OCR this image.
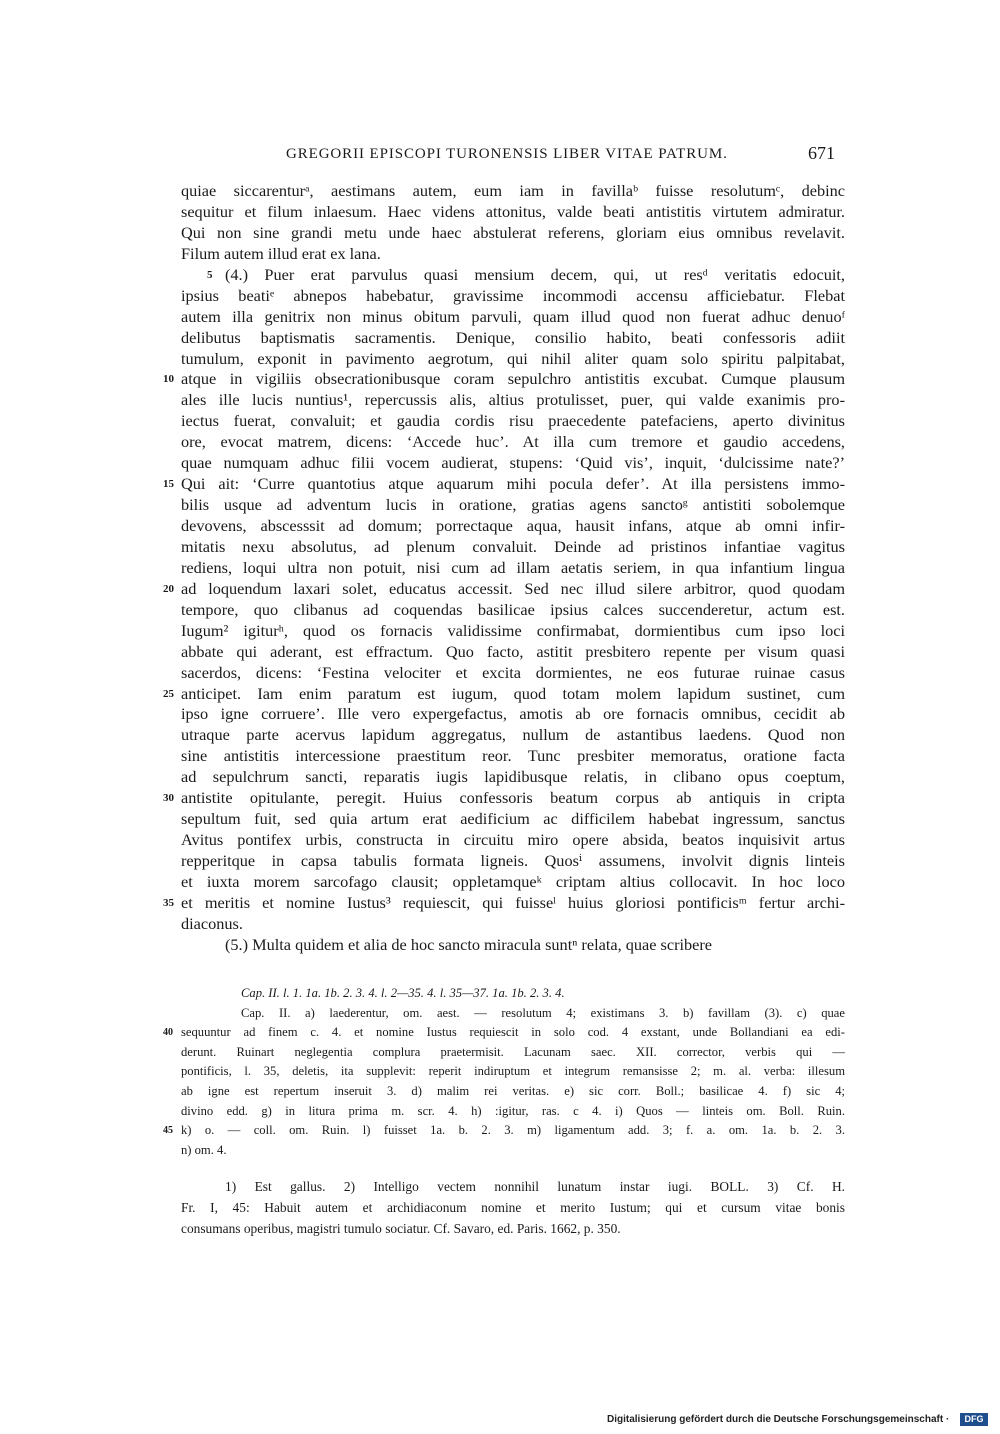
GREGORII EPISCOPI TURONENSIS LIBER VITAE PATRUM.	671
quiae siccarenturᵃ, aestimans autem, eum iam in favillaᵇ fuisse resolutumᶜ, debinc
sequitur et filum inlaesum. Haec videns attonitus, valde beati antistitis virtutem admiratur.
Qui non sine grandi metu unde haec abstulerat referens, gloriam eius omnibus revelavit.
Filum autem illud erat ex lana.
5 (4.) Puer erat parvulus quasi mensium decem, qui, ut resᵈ veritatis edocuit,
ipsius beatiᵉ abnepos habebatur, gravissime incommodi accensu afficiebatur. Flebat
autem illa genitrix non minus obitum parvuli, quam illud quod non fuerat adhuc denuoᶠ
delibutus baptismatis sacramentis. Denique, consilio habito, beati confessoris adiit
tumulum, exponit in pavimento aegrotum, qui nihil aliter quam solo spiritu palpitabat,
10 atque in vigiliis obsecrationibusque coram sepulchro antistitis excubat. Cumque plausum
ales ille lucis nuntius¹, repercussis alis, altius protulisset, puer, qui valde exanimis pro-
iectus fuerat, convaluit; et gaudia cordis risu praecedente patefaciens, aperto divinitus
ore, evocat matrem, dicens: ‘Accede huc’. At illa cum tremore et gaudio accedens,
quae numquam adhuc filii vocem audierat, stupens: ‘Quid vis’, inquit, ‘dulcissime nate?’
15 Qui ait: ‘Curre quantotius atque aquarum mihi pocula defer’. At illa persistens immo-
bilis usque ad adventum lucis in oratione, gratias agens sanctoᵍ antistiti sobolemque
devovens, abscesssit ad domum; porrectaque aqua, hausit infans, atque ab omni infir-
mitatis nexu absolutus, ad plenum convaluit. Deinde ad pristinos infantiae vagitus
rediens, loqui ultra non potuit, nisi cum ad illam aetatis seriem, in qua infantium lingua
20 ad loquendum laxari solet, educatus accessit. Sed nec illud silere arbitror, quod quodam
tempore, quo clibanus ad coquendas basilicae ipsius calces succenderetur, actum est.
Iugum² igiturʰ, quod os fornacis validissime confirmabat, dormientibus cum ipso loci
abbate qui aderant, est effractum. Quo facto, astitit presbitero repente per visum quasi
sacerdos, dicens: ‘Festina velociter et excita dormientes, ne eos futurae ruinae casus
25 anticipet. Iam enim paratum est iugum, quod totam molem lapidum sustinet, cum
ipso igne corruere’. Ille vero expergefactus, amotis ab ore fornacis omnibus, cecidit ab
utraque parte acervus lapidum aggregatus, nullum de astantibus laedens. Quod non
sine antistitis intercessione praestitum reor. Tunc presbiter memoratus, oratione facta
ad sepulchrum sancti, reparatis iugis lapidibusque relatis, in clibano opus coeptum,
30 antistite opitulante, peregit. Huius confessoris beatum corpus ab antiquis in cripta
sepultum fuit, sed quia artum erat aedificium ac difficilem habebat ingressum, sanctus
Avitus pontifex urbis, constructa in circuitu miro opere absida, beatos inquisivit artus
repperitque in capsa tabulis formata ligneis. Quosⁱ assumens, involvit dignis linteis
et iuxta morem sarcofago clausit; oppletamqueᵏ criptam altius collocavit. In hoc loco
35 et meritis et nomine Iustus³ requiescit, qui fuisseˡ huius gloriosi pontificisᵐ fertur archi-
diaconus.
(5.) Multa quidem et alia de hoc sancto miracula suntⁿ relata, quae scribere
Cap. II. l. 1. 1a. 1b. 2. 3. 4. l. 2—35. 4. l. 35—37. 1a. 1b. 2. 3. 4.
Cap. II. a) laederentur, om. aest. — resolutum 4; existimans 3. b) favillam (3). c) quae
40 sequuntur ad finem c. 4. et nomine Iustus requiescit in solo cod. 4 exstant, unde Bollandiani ea edi-
derunt. Ruinart neglegentia complura praetermisit. Lacunam saec. XII. corrector, verbis qui —
pontificis, l. 35, deletis, ita supplevit: reperit indiruptum et integrum remansisse 2; m. al. verba: illesum
ab igne est repertum inseruit 3. d) malim rei veritas. e) sic corr. Boll.; basilicae 4. f) sic 4;
divino edd. g) in litura prima m. scr. 4. h) :igitur, ras. c 4. i) Quos — linteis om. Boll. Ruin.
45 k) o. — coll. om. Ruin. l) fuisset 1a. b. 2. 3. m) ligamentum add. 3; f. a. om. 1a. b. 2. 3.
n) om. 4.
1) Est gallus. 2) Intelligo vectem nonnihil lunatum instar iugi. BOLL. 3) Cf. H.
Fr. I, 45: Habuit autem et archidiaconum nomine et merito Iustum; qui et cursum vitae bonis
consumans operibus, magistri tumulo sociatur. Cf. Savaro, ed. Paris. 1662, p. 350.
Digitalisierung gefördert durch die Deutsche Forschungsgemeinschaft ·	DFG
